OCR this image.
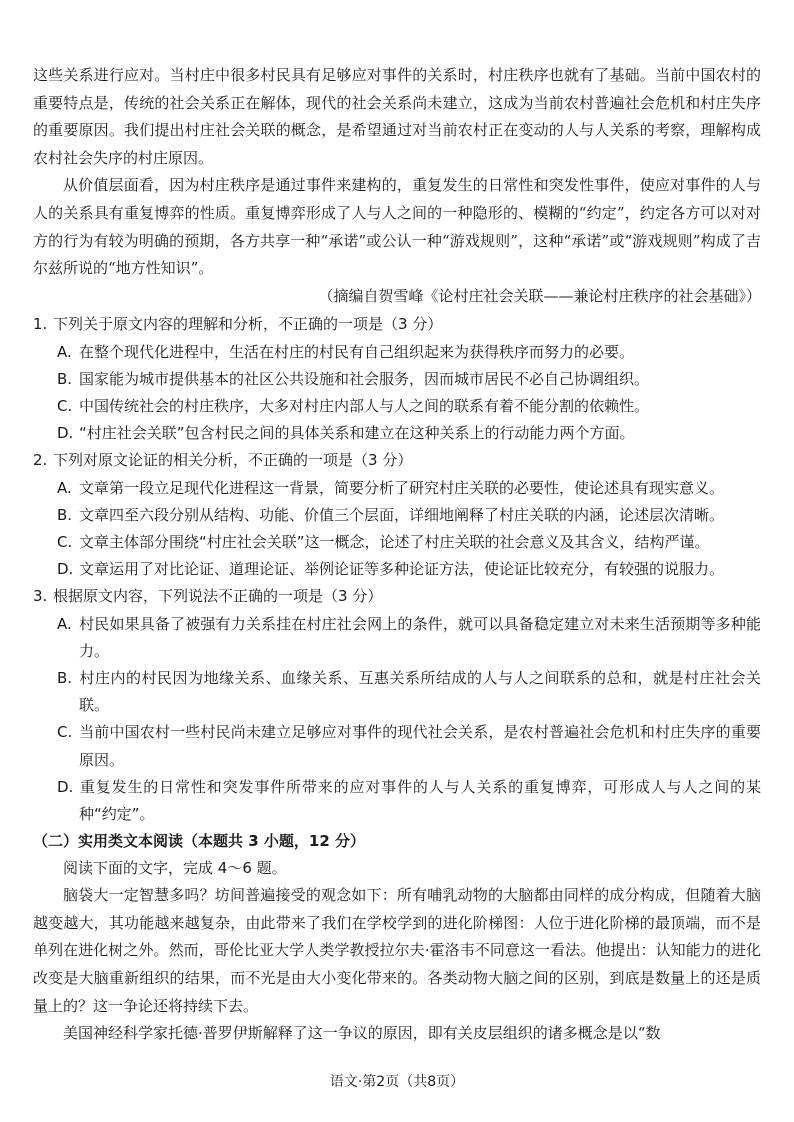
这些关系进行应对。当村庄中很多村民具有足够应对事件的关系时，村庄秩序也就有了基础。当前中国农村的重要特点是，传统的社会关系正在解体，现代的社会关系尚未建立，这成为当前农村普遍社会危机和村庄失序的重要原因。我们提出村庄社会关联的概念，是希望通过对当前农村正在变动的人与人关系的考察，理解构成农村社会失序的村庄原因。

从价值层面看，因为村庄秩序是通过事件来建构的，重复发生的日常性和突发性事件，使应对事件的人与人的关系具有重复博弈的性质。重复博弈形成了人与人之间的一种隐形的、模糊的“约定”，约定各方可以对对方的行为有较为明确的预期，各方共享一种“承诺”或公认一种“游戏规则”，这种“承诺”或“游戏规则”构成了吉尔兹所说的“地方性知识”。

（摘编自贺雪峰《论村庄社会关联——兼论村庄秩序的社会基础》）

1. 下列关于原文内容的理解和分析，不正确的一项是（3 分）

A. 在整个现代化进程中，生活在村庄的村民有自己组织起来为获得秩序而努力的必要。

B. 国家能为城市提供基本的社区公共设施和社会服务，因而城市居民不必自己协调组织。

C. 中国传统社会的村庄秩序，大多对村庄内部人与人之间的联系有着不能分割的依赖性。

D. “村庄社会关联”包含村民之间的具体关系和建立在这种关系上的行动能力两个方面。

2. 下列对原文论证的相关分析，不正确的一项是（3 分）

A. 文章第一段立足现代化进程这一背景，简要分析了研究村庄关联的必要性，使论述具有现实意义。

B. 文章四至六段分别从结构、功能、价值三个层面，详细地阐释了村庄关联的内涵，论述层次清晰。

C. 文章主体部分围绕“村庄社会关联”这一概念，论述了村庄关联的社会意义及其含义，结构严谨。

D. 文章运用了对比论证、道理论证、举例论证等多种论证方法，使论证比较充分，有较强的说服力。

3. 根据原文内容，下列说法不正确的一项是（3 分）

A. 村民如果具备了被强有力关系挂在村庄社会网上的条件，就可以具备稳定建立对未来生活预期等多种能力。

B. 村庄内的村民因为地缘关系、血缘关系、互惠关系所结成的人与人之间联系的总和，就是村庄社会关联。

C. 当前中国农村一些村民尚未建立足够应对事件的现代社会关系，是农村普遍社会危机和村庄失序的重要原因。

D. 重复发生的日常性和突发事件所带来的应对事件的人与人关系的重复博弈，可形成人与人之间的某种“约定”。

（二）实用类文本阅读（本题共 3 小题，12 分）

阅读下面的文字，完成 4～6 题。

脑袋大一定智慧多吗？坊间普遍接受的观念如下：所有哺乳动物的大脑都由同样的成分构成，但随着大脑越变越大，其功能越来越复杂，由此带来了我们在学校学到的进化阶梯图：人位于进化阶梯的最顶端，而不是单列在进化树之外。然而，哥伦比亚大学人类学教授拉尔夫·霍洛韦不同意这一看法。他提出：认知能力的进化改变是大脑重新组织的结果，而不光是由大小变化带来的。各类动物大脑之间的区别，到底是数量上的还是质量上的？这一争论还将持续下去。

美国神经科学家托德·普罗伊斯解释了这一争议的原因，即有关皮层组织的诸多概念是以“数

语文·第2页（共8页）
